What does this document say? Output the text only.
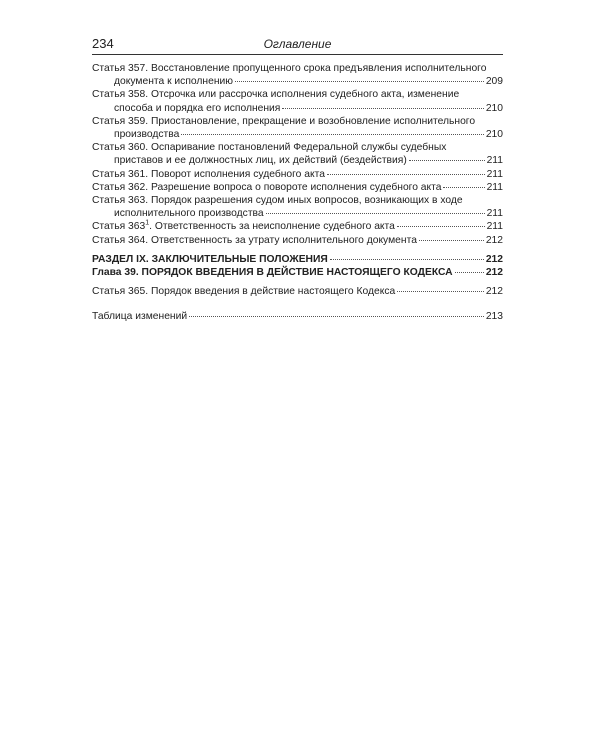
234	Оглавление
Статья 357. Восстановление пропущенного срока предъявления исполнительного
документа к исполнению	209
Статья 358. Отсрочка или рассрочка исполнения судебного акта, изменение
способа и порядка его исполнения	210
Статья 359. Приостановление, прекращение и возобновление исполнительного
производства	210
Статья 360. Оспаривание постановлений Федеральной службы судебных
приставов и ее должностных лиц, их действий (бездействия)	211
Статья 361. Поворот исполнения судебного акта	211
Статья 362. Разрешение вопроса о повороте исполнения судебного акта	211
Статья 363. Порядок разрешения судом иных вопросов, возникающих в ходе
исполнительного производства	211
Статья $363^1$. Ответственность за неисполнение судебного акта	211
Статья 364. Ответственность за утрату исполнительного документа	212
РАЗДЕЛ IX. ЗАКЛЮЧИТЕЛЬНЫЕ ПОЛОЖЕНИЯ	212
Глава 39. ПОРЯДОК ВВЕДЕНИЯ В ДЕЙСТВИЕ НАСТОЯЩЕГО КОДЕКСА	212
Статья 365. Порядок введения в действие настоящего Кодекса	212
Таблица изменений	213
